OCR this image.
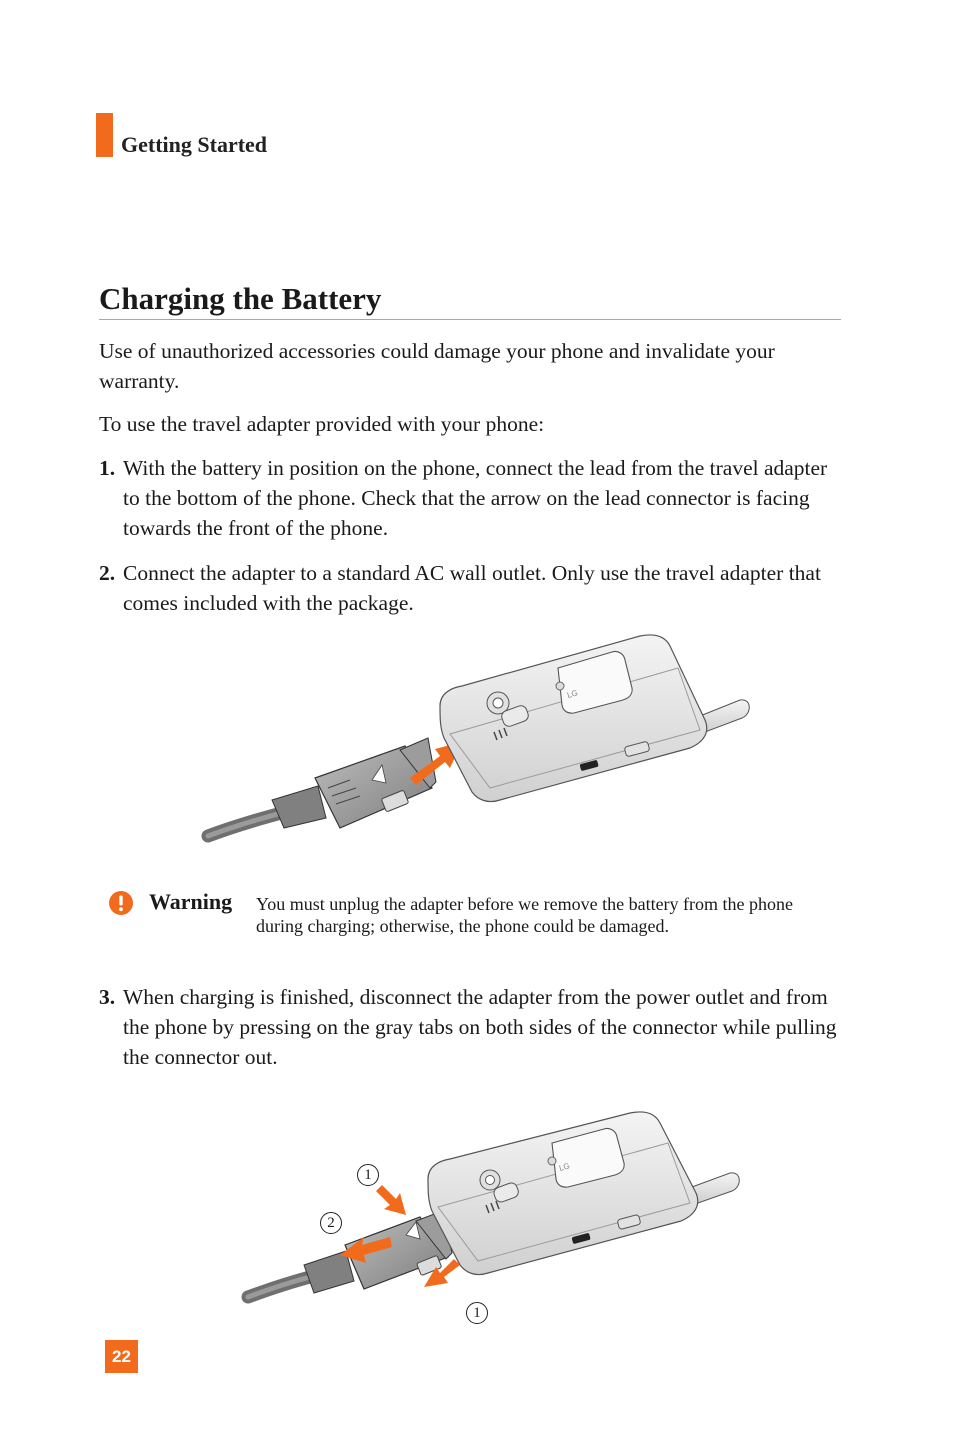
Getting Started
Charging the Battery

Use of unauthorized accessories could damage your phone and invalidate your warranty.

To use the travel adapter provided with your phone:

1. With the battery in position on the phone, connect the lead from the travel adapter to the bottom of the phone. Check that the arrow on the lead connector is facing towards the front of the phone.
2. Connect the adapter to a standard AC wall outlet. Only use the travel adapter that comes included with the package.
LG
Warning You must unplug the adapter before we remove the battery from the phone during charging; otherwise, the phone could be damaged.

3. When charging is finished, disconnect the adapter from the power outlet and from the phone by pressing on the gray tabs on both sides of the connector while pulling the connector out.
LG
1
2
1
22
